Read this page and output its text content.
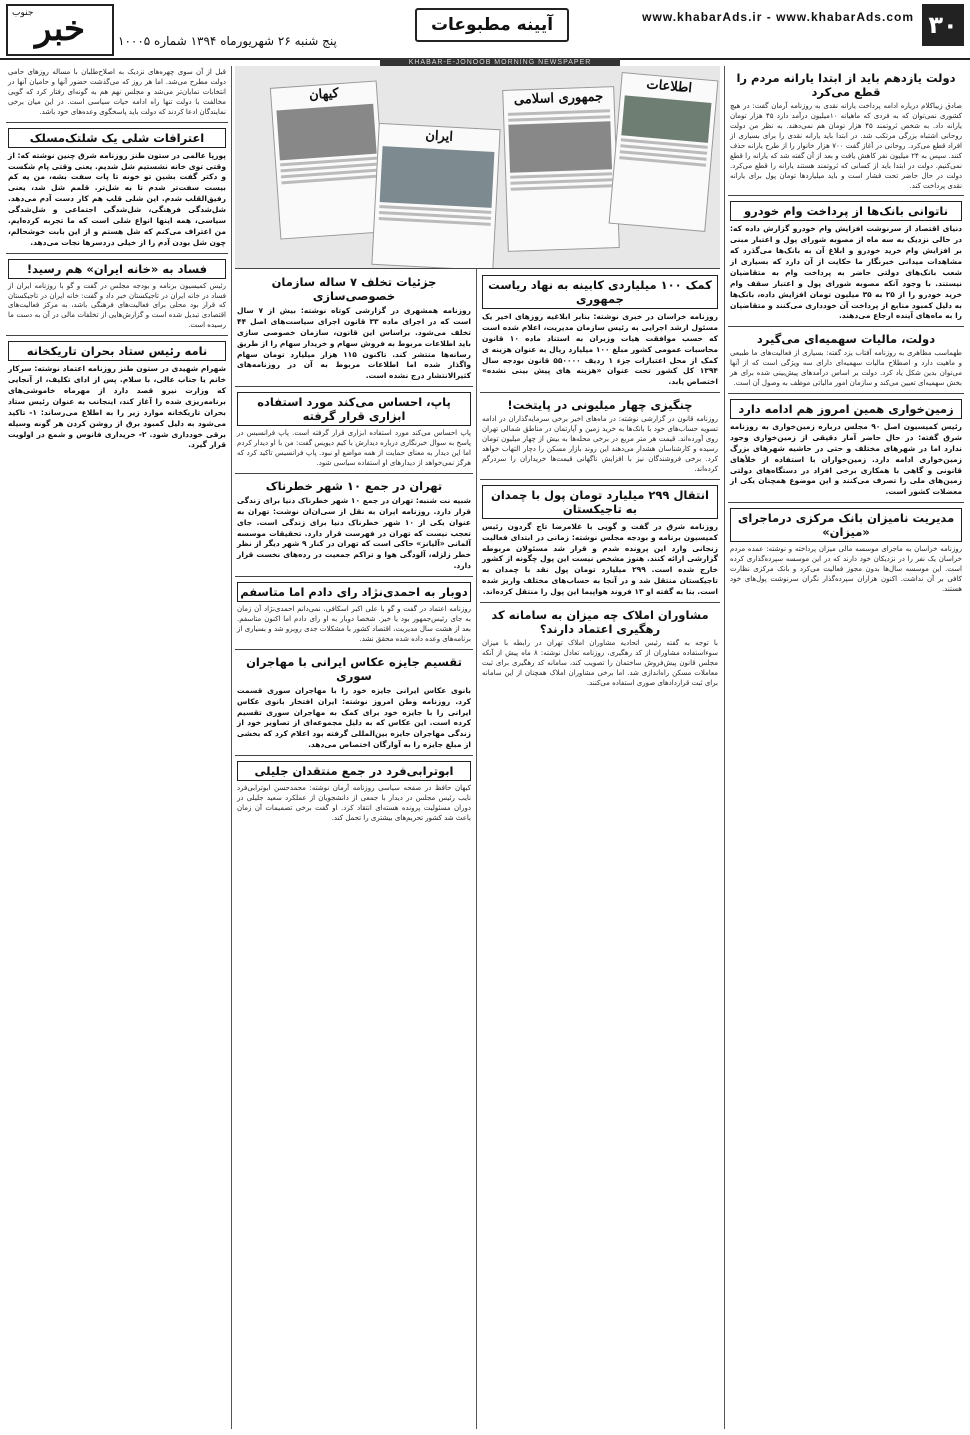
۳۰
www.khabarAds.ir - www.khabarAds.com
آیینه مطبوعات
پنج شنبه ۲۶ شهریورماه ۱۳۹۴ شماره ۱۰۰۰۵
جنوب خبر
KHABAR-E-JONOOB MORNING NEWSPAPER
کیهان
ایران
جمهوری اسلامی
اطلاعات	دولت یازدهم باید از ابتدا یارانه مردم را قطع می‌کرد
صادق زیباکلام درباره ادامه پرداخت یارانه نقدی به روزنامه آرمان گفت: در هیچ کشوری نمی‌توان که به فردی که ماهیانه ۱۰میلیون درآمد دارد ۴۵ هزار تومان یارانه داد. به شخص ثروتمند ۴۵ هزار تومان هم نمی‌دهند. به نظر من دولت روحانی اشتباه بزرگی مرتکب شد. در ابتدا باید یارانه نقدی را برای بسیاری از افراد قطع می‌کرد. روحانی در آغاز گفت ۷۰۰ هزار خانوار را از طرح یارانه حذف کنند. سپس به ۲۴ میلیون نفر کاهش یافت و بعد از آن گفته شد که یارانه را قطع نمی‌کنیم. دولت در ابتدا باید از کسانی که ثروتمند هستند یارانه را قطع می‌کرد. دولت در حال حاضر تحت فشار است و باید میلیاردها تومان پول برای یارانه نقدی پرداخت کند.
ناتوانی بانک‌ها از پرداخت وام خودرو
دنیای اقتصاد از سرنوشت افزایش وام خودرو گزارش داده که: در حالی نزدیک به سه ماه از مصوبه شورای پول و اعتبار مبنی بر افزایش وام خرید خودرو و ابلاغ آن به بانک‌ها می‌گذرد که مشاهدات میدانی خبرنگار ما حکایت از آن دارد که بسیاری از شعب بانک‌های دولتی حاضر به پرداخت وام به متقاضیان نیستند. با وجود آنکه مصوبه شورای پول و اعتبار سقف وام خرید خودرو را از ۲۵ به ۳۵ میلیون تومان افزایش داده، بانک‌ها به دلیل کمبود منابع از پرداخت آن خودداری می‌کنند و متقاضیان را به ماه‌های آینده ارجاع می‌دهند.
دولت، مالیات سهمیه‌ای می‌گیرد
طهماسب مظاهری به روزنامه آفتاب یزد گفته: بسیاری از فعالیت‌های ما طبیعی و ماهیت دارد و اصطلاح مالیات سهمیه‌ای دارای سه ویژگی است که از آنها می‌توان بدین شکل یاد کرد. دولت بر اساس درآمدهای پیش‌بینی شده برای هر بخش سهمیه‌ای تعیین می‌کند و سازمان امور مالیاتی موظف به وصول آن است.
زمین‌خواری همین امروز هم ادامه دارد
رئیس کمیسیون اصل ۹۰ مجلس درباره زمین‌خواری به روزنامه شرق گفته: در حال حاضر آمار دقیقی از زمین‌خواری وجود ندارد اما در شهرهای مختلف و حتی در حاشیه شهرهای بزرگ زمین‌خواری ادامه دارد. زمین‌خواران با استفاده از خلأهای قانونی و گاهی با همکاری برخی افراد در دستگاه‌های دولتی زمین‌های ملی را تصرف می‌کنند و این موضوع همچنان یکی از معضلات کشور است.
مدیریت نامیزان بانک مرکزی درماجرای «میزان»
روزنامه خراسان به ماجرای موسسه مالی میزان پرداخته و نوشته: عمده مردم خراسان یک نفر را در نزدیکان خود دارند که در این موسسه سپرده‌گذاری کرده است. این موسسه سال‌ها بدون مجوز فعالیت می‌کرد و بانک مرکزی نظارت کافی بر آن نداشت. اکنون هزاران سپرده‌گذار نگران سرنوشت پول‌های خود هستند.
کمک ۱۰۰ میلیاردی کابینه به نهاد ریاست جمهوری
روزنامه خراسان در خبری نوشته: بنابر ابلاغیه روزهای اخیر یک مسئول ارشد اجرایی به رئیس سازمان مدیریت، اعلام شده است که حسب موافقت هیات وزیران به استناد ماده ۱۰ قانون محاسبات عمومی کشور مبلغ ۱۰۰ میلیارد ریال به عنوان هزینه ی کمک از محل اعتبارات جزء ۱ ردیف ۵۵۰۰۰۰ قانون بودجه سال ۱۳۹۴ کل کشور تحت عنوان «هزینه های پیش بینی نشده» اختصاص یابد.
چنگیزی چهار میلیونی در پایتخت!
روزنامه قانون در گزارشی نوشته: در ماه‌های اخیر برخی سرمایه‌گذاران در ادامه تسویه حساب‌های خود با بانک‌ها به خرید زمین و آپارتمان در مناطق شمالی تهران روی آورده‌اند. قیمت هر متر مربع در برخی محله‌ها به بیش از چهار میلیون تومان رسیده و کارشناسان هشدار می‌دهند این روند بازار مسکن را دچار التهاب خواهد کرد. برخی فروشندگان نیز با افزایش ناگهانی قیمت‌ها خریداران را سردرگم کرده‌اند.
انتقال ۲۹۹ میلیارد تومان پول با چمدان به تاجیکستان
روزنامه شرق در گفت و گویی با غلامرضا تاج گردون رئیس کمیسیون برنامه و بودجه مجلس نوشته: زمانی در ابتدای فعالیت زنجانی وارد این پرونده شدم و قرار شد مسئولان مربوطه گزارشی ارائه کنند. هنوز مشخص نیست این پول چگونه از کشور خارج شده است. ۲۹۹ میلیارد تومان پول نقد با چمدان به تاجیکستان منتقل شد و در آنجا به حساب‌های مختلف واریز شده است. بنا به گفته او ۱۳ فروند هواپیما این پول را منتقل کرده‌اند.
مشاوران املاک چه میزان به سامانه کد رهگیری اعتماد دارند؟
با توجه به گفته رئیس اتحادیه مشاوران املاک تهران در رابطه با میزان سوءاستفاده مشاوران از کد رهگیری، روزنامه تعادل نوشته: ۸ ماه پیش از آنکه مجلس قانون پیش‌فروش ساختمان را تصویب کند، سامانه کد رهگیری برای ثبت معاملات مسکن راه‌اندازی شد. اما برخی مشاوران املاک همچنان از این سامانه برای ثبت قراردادهای صوری استفاده می‌کنند.
جزئیات تخلف ۷ ساله سازمان خصوصی‌سازی
روزنامه همشهری در گزارشی کوتاه نوشته: بیش از ۷ سال است که در اجرای ماده ۳۳ قانون اجرای سیاست‌های اصل ۴۴ تخلف می‌شود. براساس این قانون، سازمان خصوصی سازی باید اطلاعات مربوط به فروش سهام و خریدار سهام را از طریق رسانه‌ها منتشر کند. تاکنون ۱۱۵ هزار میلیارد تومان سهام واگذار شده اما اطلاعات مربوط به آن در روزنامه‌های کثیرالانتشار درج نشده است.
پاپ، احساس می‌کند مورد استفاده ابزاری قرار گرفته
پاپ احساس می‌کند مورد استفاده ابزاری قرار گرفته است. پاپ فرانسیس در پاسخ به سوال خبرنگاری درباره دیدارش با کیم دیویس گفت: من با او دیدار کردم اما این دیدار به معنای حمایت از همه مواضع او نبود. پاپ فرانسیس تاکید کرد که هرگز نمی‌خواهد از دیدارهای او استفاده سیاسی شود.
تهران در جمع ۱۰ شهر خطرناک
شبیه نت شنبه: تهران در جمع ۱۰ شهر خطرناک دنیا برای زندگی قرار دارد. روزنامه ایران به نقل از سی‌ان‌ان نوشت: تهران به عنوان یکی از ۱۰ شهر خطرناک دنیا برای زندگی است. جای تعجب نیست که تهران در فهرست قرار دارد. تحقیقات موسسه آلمانی «آلیانز» حاکی است که تهران در کنار ۹ شهر دیگر از نظر خطر زلزله، آلودگی هوا و تراکم جمعیت در رده‌های نخست قرار دارد.
دوبار به احمدی‌نژاد رای دادم اما متاسفم
روزنامه اعتماد در گفت و گو با علی اکبر اسکافی، نمی‌دانم احمدی‌نژاد آن زمان به جای رئیس‌جمهور بود یا خیر. شخصا دوبار به او رای دادم اما اکنون متاسفم. بعد از هشت سال مدیریت، اقتصاد کشور با مشکلات جدی روبرو شد و بسیاری از برنامه‌های وعده داده شده محقق نشد.
تقسیم جایزه عکاس ایرانی با مهاجران سوری
بانوی عکاس ایرانی جایزه خود را با مهاجران سوری قسمت کرد. روزنامه وطن امروز نوشته: ایران افتخار بانوی عکاس ایرانی را با جایزه خود برای کمک به مهاجران سوری تقسیم کرده است. این عکاس که به دلیل مجموعه‌ای از تصاویر خود از زندگی مهاجران جایزه بین‌المللی گرفته بود اعلام کرد که بخشی از مبلغ جایزه را به آوارگان اختصاص می‌دهد.
ابوترابی‌فرد در جمع منتقدان جلیلی
کیهان حافظ در صفحه سیاسی روزنامه آرمان نوشته: محمدحسن ابوترابی‌فرد نایب رئیس مجلس در دیدار با جمعی از دانشجویان از عملکرد سعید جلیلی در دوران مسئولیت پرونده هسته‌ای انتقاد کرد. او گفت برخی تصمیمات آن زمان باعث شد کشور تحریم‌های بیشتری را تحمل کند.
قبل از آن سوی چهره‌های نزدیک به اصلاح‌طلبان با مساله روزهای حامی دولت مطرح می‌شد. اما هر روز که می‌گذشت حضور آنها و حامیان آنها در انتخابات نمایان‌تر می‌شد و مجلس نهم هم به گونه‌ای رفتار کرد که گویی مخالفت با دولت تنها راه ادامه حیات سیاسی است. در این میان برخی نمایندگان ادعا کردند که دولت باید پاسخگوی وعده‌های خود باشد.
اعترافات شلی یک شلتک‌مسلک
پورپا عالمی در ستون طنز روزنامه شرق چنین نوشته که: از وقتی توی خانه نشستیم شل شدیم. یعنی وقتی پام شکست و دکتر گفت بشین تو خونه تا پات سفت بشه، من یه کم بیست سفت‌تر شدم تا به شل‌تر. قلمم شل شد، یعنی رفیق‌القلب شدم. این شلی قلب هم کار دست آدم می‌دهد. شل‌شدگی فرهنگی، شل‌شدگی اجتماعی و شل‌شدگی سیاسی، همه اینها انواع شلی است که ما تجربه کرده‌ایم. من اعتراف می‌کنم که شل هستم و از این بابت خوشحالم، چون شل بودن آدم را از خیلی دردسرها نجات می‌دهد.
فساد به «خانه ایران» هم رسید!
رئیس کمیسیون برنامه و بودجه مجلس در گفت و گو با روزنامه ایران از فساد در خانه ایران در تاجیکستان خبر داد و گفت: خانه ایران در تاجیکستان که قرار بود محلی برای فعالیت‌های فرهنگی باشد، به مرکز فعالیت‌های اقتصادی تبدیل شده است و گزارش‌هایی از تخلفات مالی در آن به دست ما رسیده است.
نامه رئیس ستاد بحران تاریکخانه
شهرام شهیدی در ستون طنز روزنامه اعتماد نوشته: سرکار خانم یا جناب عالی، با سلام. پس از ادای تکلیف، از آنجایی که وزارت نیرو قصد دارد از مهرماه خاموشی‌های برنامه‌ریزی شده را آغاز کند، اینجانب به عنوان رئیس ستاد بحران تاریکخانه موارد زیر را به اطلاع می‌رساند: ۱- تاکید می‌شود به دلیل کمبود برق از روشن کردن هر گونه وسیله برقی خودداری شود. ۲- خریداری فانوس و شمع در اولویت قرار گیرد.
